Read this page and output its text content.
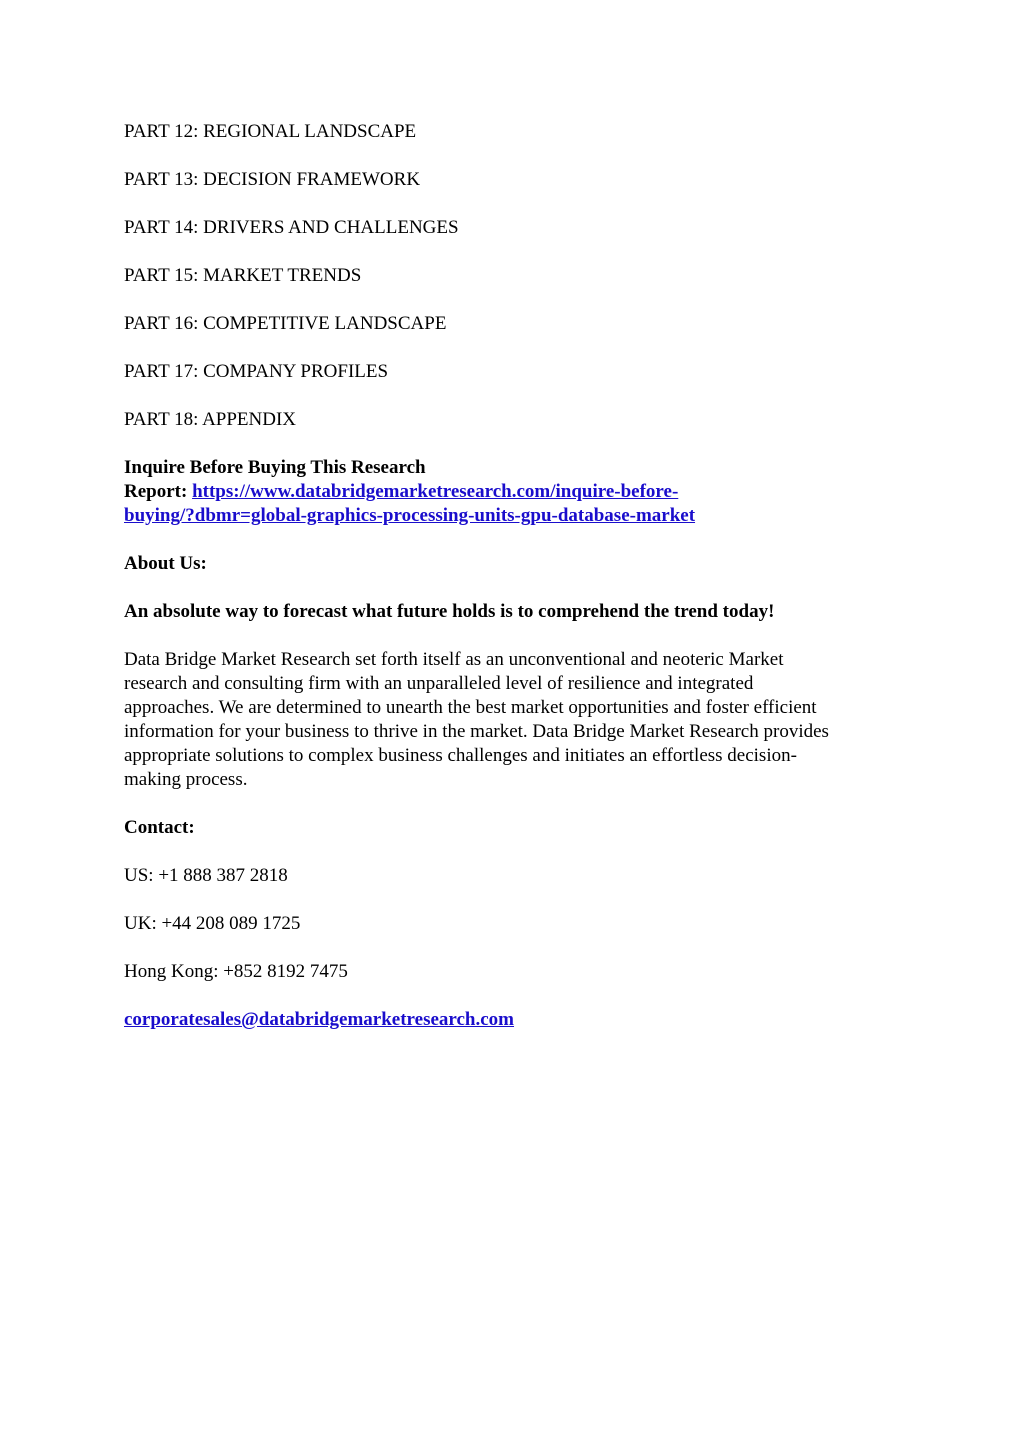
PART 12: REGIONAL LANDSCAPE
PART 13: DECISION FRAMEWORK
PART 14: DRIVERS AND CHALLENGES
PART 15: MARKET TRENDS
PART 16: COMPETITIVE LANDSCAPE
PART 17: COMPANY PROFILES
PART 18: APPENDIX
Inquire Before Buying This Research
Report: https://www.databridgemarketresearch.com/inquire-before-
buying/?dbmr=global-graphics-processing-units-gpu-database-market
About Us:
An absolute way to forecast what future holds is to comprehend the trend today!
Data Bridge Market Research set forth itself as an unconventional and neoteric Market
research and consulting firm with an unparalleled level of resilience and integrated
approaches. We are determined to unearth the best market opportunities and foster efficient
information for your business to thrive in the market. Data Bridge Market Research provides
appropriate solutions to complex business challenges and initiates an effortless decision-
making process.
Contact:
US: +1 888 387 2818
UK: +44 208 089 1725
Hong Kong: +852 8192 7475
corporatesales@databridgemarketresearch.com
